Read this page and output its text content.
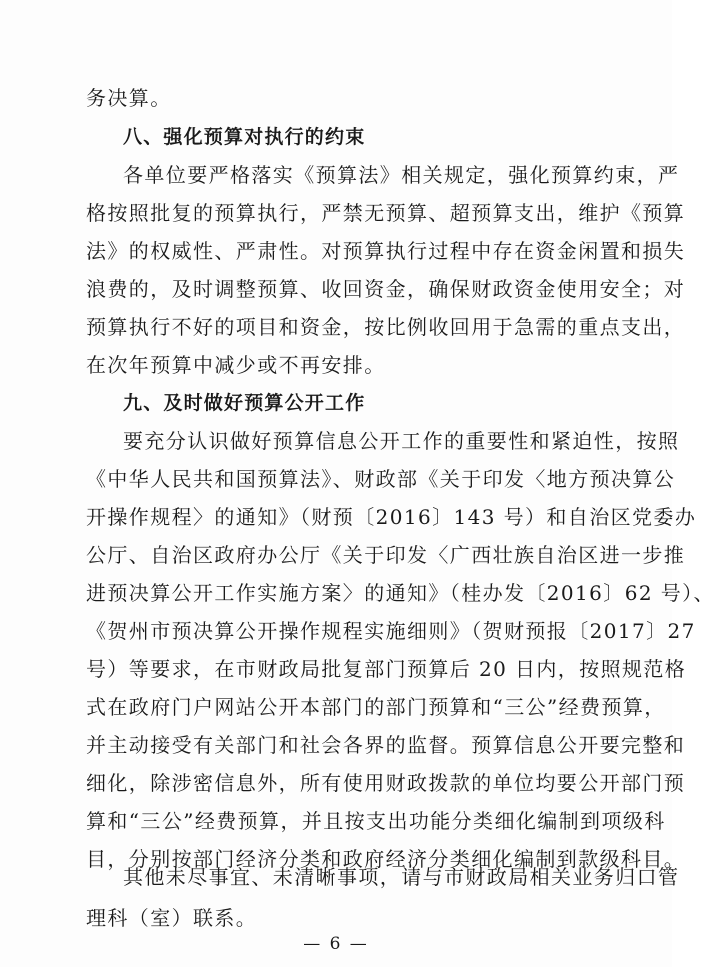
务决算。
八、强化预算对执行的约束
各单位要严格落实《预算法》相关规定，强化预算约束，严
格按照批复的预算执行，严禁无预算、超预算支出，维护《预算
法》的权威性、严肃性。对预算执行过程中存在资金闲置和损失
浪费的，及时调整预算、收回资金，确保财政资金使用安全；对
预算执行不好的项目和资金，按比例收回用于急需的重点支出，
在次年预算中减少或不再安排。
九、及时做好预算公开工作
要充分认识做好预算信息公开工作的重要性和紧迫性，按照
《中华人民共和国预算法》、财政部《关于印发〈地方预决算公
开操作规程〉的通知》（财预〔2016〕143 号）和自治区党委办
公厅、自治区政府办公厅《关于印发〈广西壮族自治区进一步推
进预决算公开工作实施方案〉的通知》（桂办发〔2016〕62 号）、
《贺州市预决算公开操作规程实施细则》（贺财预报〔2017〕27
号）等要求，在市财政局批复部门预算后 20 日内，按照规范格
式在政府门户网站公开本部门的部门预算和“三公”经费预算，
并主动接受有关部门和社会各界的监督。预算信息公开要完整和
细化，除涉密信息外，所有使用财政拨款的单位均要公开部门预
算和“三公”经费预算，并且按支出功能分类细化编制到项级科
目，分别按部门经济分类和政府经济分类细化编制到款级科目。
其他未尽事宜、未清晰事项，请与市财政局相关业务归口管
理科（室）联系。
— 6 —
